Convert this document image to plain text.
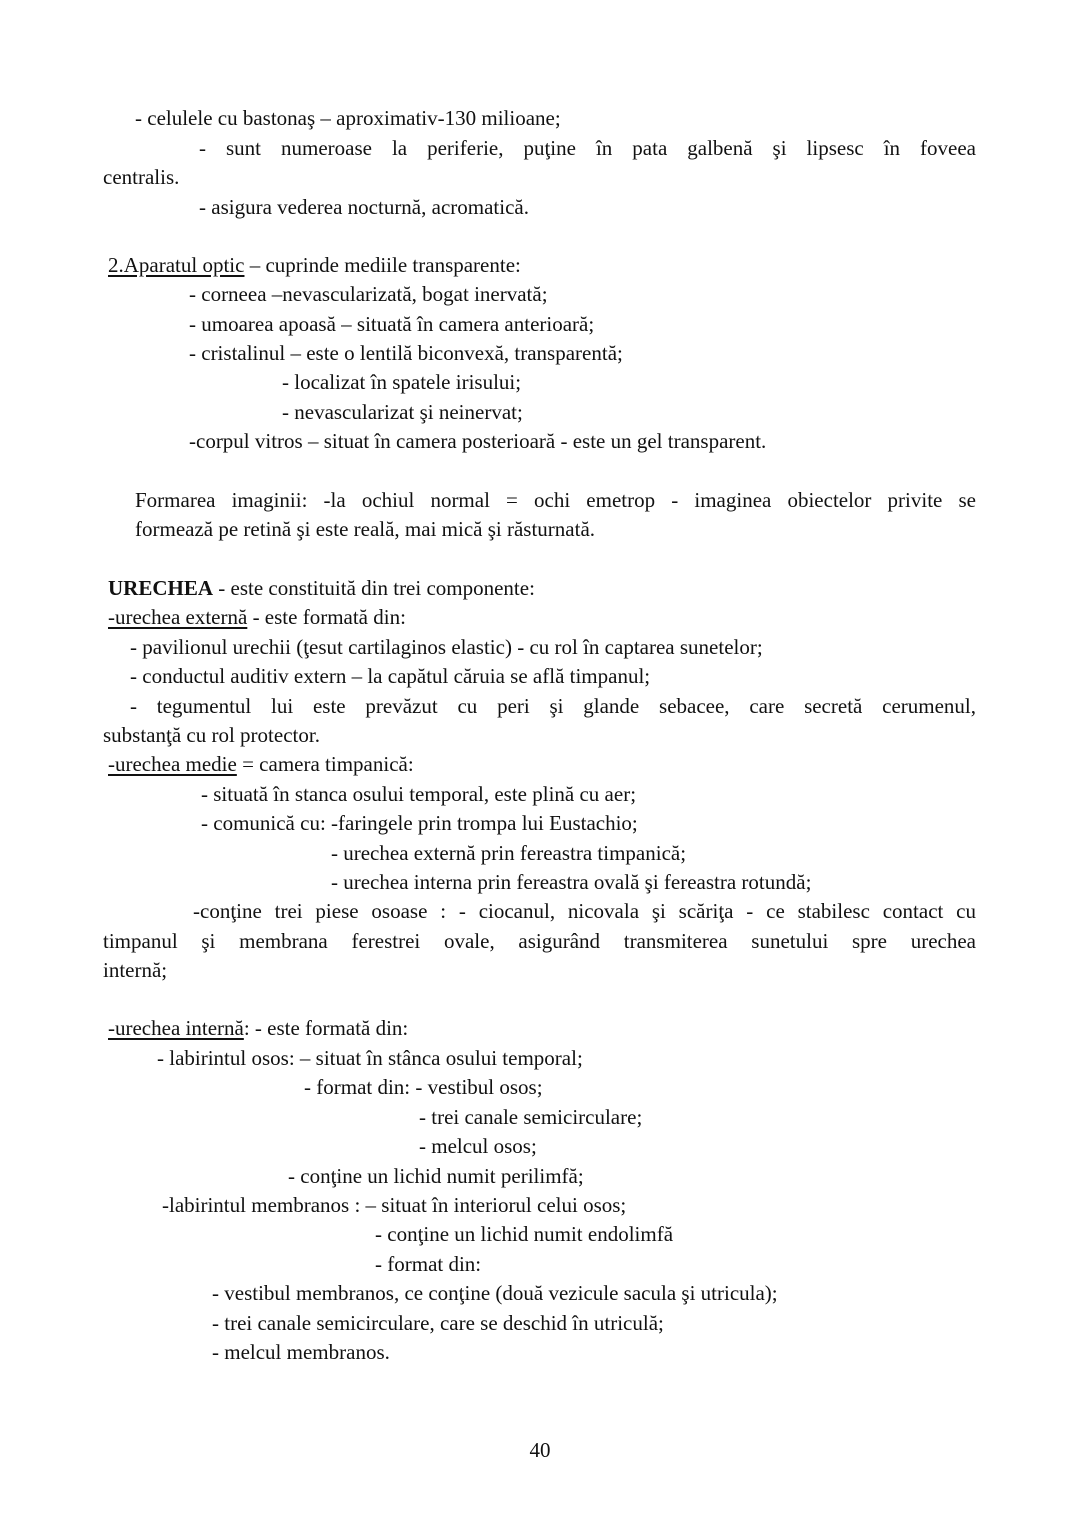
- celulele cu bastonaş – aproximativ-130 milioane;
- sunt numeroase la periferie, puţine în pata galbenă şi lipsesc în foveea
centralis.
- asigura vederea nocturnă, acromatică.
2.Aparatul optic – cuprinde mediile transparente:
- corneea –nevascularizată, bogat inervată;
- umoarea apoasă – situată în camera anterioară;
- cristalinul – este o lentilă biconvexă, transparentă;
- localizat în spatele irisului;
- nevascularizat şi neinervat;
-corpul vitros – situat în camera posterioară - este un gel transparent.
Formarea imaginii: -la ochiul normal = ochi emetrop - imaginea obiectelor privite se
formează pe retină şi este reală, mai mică şi răsturnată.
URECHEA - este constituită din trei componente:
-urechea externă - este formată din:
- pavilionul urechii (ţesut cartilaginos elastic) - cu rol în captarea sunetelor;
- conductul auditiv extern – la capătul căruia se află timpanul;
- tegumentul lui este prevăzut cu peri şi glande sebacee, care secretă cerumenul,
substanţă cu rol protector.
-urechea medie = camera timpanică:
- situată în stanca osului temporal, este plină cu aer;
- comunică cu: -faringele prin trompa lui Eustachio;
- urechea externă prin fereastra timpanică;
- urechea interna prin fereastra ovală şi fereastra rotundă;
-conţine trei piese osoase : - ciocanul, nicovala şi scăriţa - ce stabilesc contact cu
timpanul şi membrana ferestrei ovale, asigurând transmiterea sunetului spre urechea
internă;
-urechea internă: - este formată din:
- labirintul osos: – situat în stânca osului temporal;
- format din: - vestibul osos;
- trei canale semicirculare;
- melcul osos;
- conţine un lichid numit perilimfă;
-labirintul membranos : – situat în interiorul celui osos;
- conţine un lichid numit endolimfă
- format din:
- vestibul membranos, ce conţine (două vezicule sacula şi utricula);
- trei canale semicirculare, care se deschid în utriculă;
- melcul membranos.
40
